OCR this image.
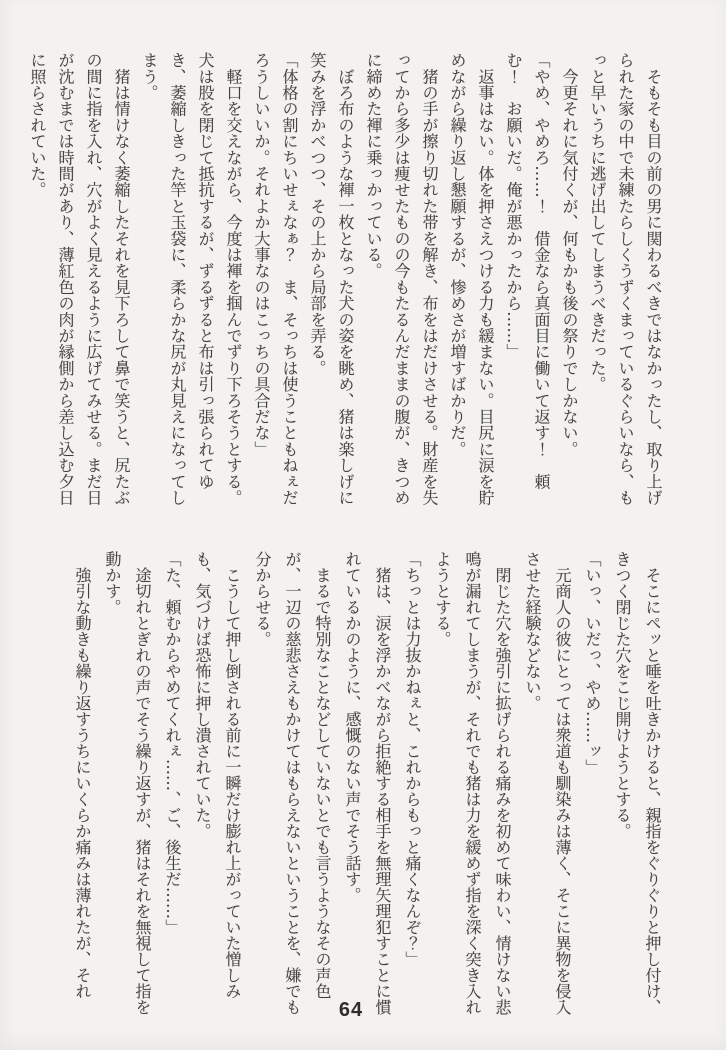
　そもそも目の前の男に関わるべきではなかったし、取り上げられた家の中で未練たらしくうずくまっているぐらいなら、もっと早いうちに逃げ出してしまうべきだった。

　今更それに気付くが、何もかも後の祭りでしかない。

「やめ、やめろ……！　借金なら真面目に働いて返す！　頼む！　お願いだ。俺が悪かったから……」

　返事はない。体を押さえつける力も緩まない。目尻に涙を貯めながら繰り返し懇願するが、惨めさが増すばかりだ。

　猪の手が擦り切れた帯を解き、布をはだけさせる。財産を失ってから多少は痩せたものの今もたるんだままの腹が、きつめに締めた褌に乗っかっている。

　ぼろ布のような褌一枚となった犬の姿を眺め、猪は楽しげに笑みを浮かべつつ、その上から局部を弄る。

「体格の割にちいせぇなぁ？　ま、そっちは使うこともねぇだろうしいいか。それよか大事なのはこっちの具合だな」

　軽口を交えながら、今度は褌を掴んでずり下ろそうとする。犬は股を閉じて抵抗するが、ずるずると布は引っ張られてゆき、萎縮しきった竿と玉袋に、柔らかな尻が丸見えになってしまう。

　猪は情けなく萎縮したそれを見下ろして鼻で笑うと、尻たぶの間に指を入れ、穴がよく見えるように広げてみせる。まだ日が沈むまでは時間があり、薄紅色の肉が縁側から差し込む夕日に照らされていた。

　そこにペッと唾を吐きかけると、親指をぐりぐりと押し付け、きつく閉じた穴をこじ開けようとする。

「いっ、いだっ、やめ……ッ」

　元商人の彼にとっては衆道も馴染みは薄く、そこに異物を侵入させた経験などない。

　閉じた穴を強引に拡げられる痛みを初めて味わい、情けない悲鳴が漏れてしまうが、それでも猪は力を緩めず指を深く突き入れようとする。

「ちっとは力抜かねぇと、これからもっと痛くなんぞ？」

　猪は、涙を浮かべながら拒絶する相手を無理矢理犯すことに慣れているかのように、感慨のない声でそう話す。

　まるで特別なことなどしていないとでも言うようなその声色が、一辺の慈悲さえもかけてはもらえないということを、嫌でも分からせる。

　こうして押し倒される前に一瞬だけ膨れ上がっていた憎しみも、気づけば恐怖に押し潰されていた。

「た、頼むからやめてくれぇ……、ご、後生だ……」

　途切れとぎれの声でそう繰り返すが、猪はそれを無視して指を動かす。

　強引な動きも繰り返すうちにいくらか痛みは薄れたが、それ

64
